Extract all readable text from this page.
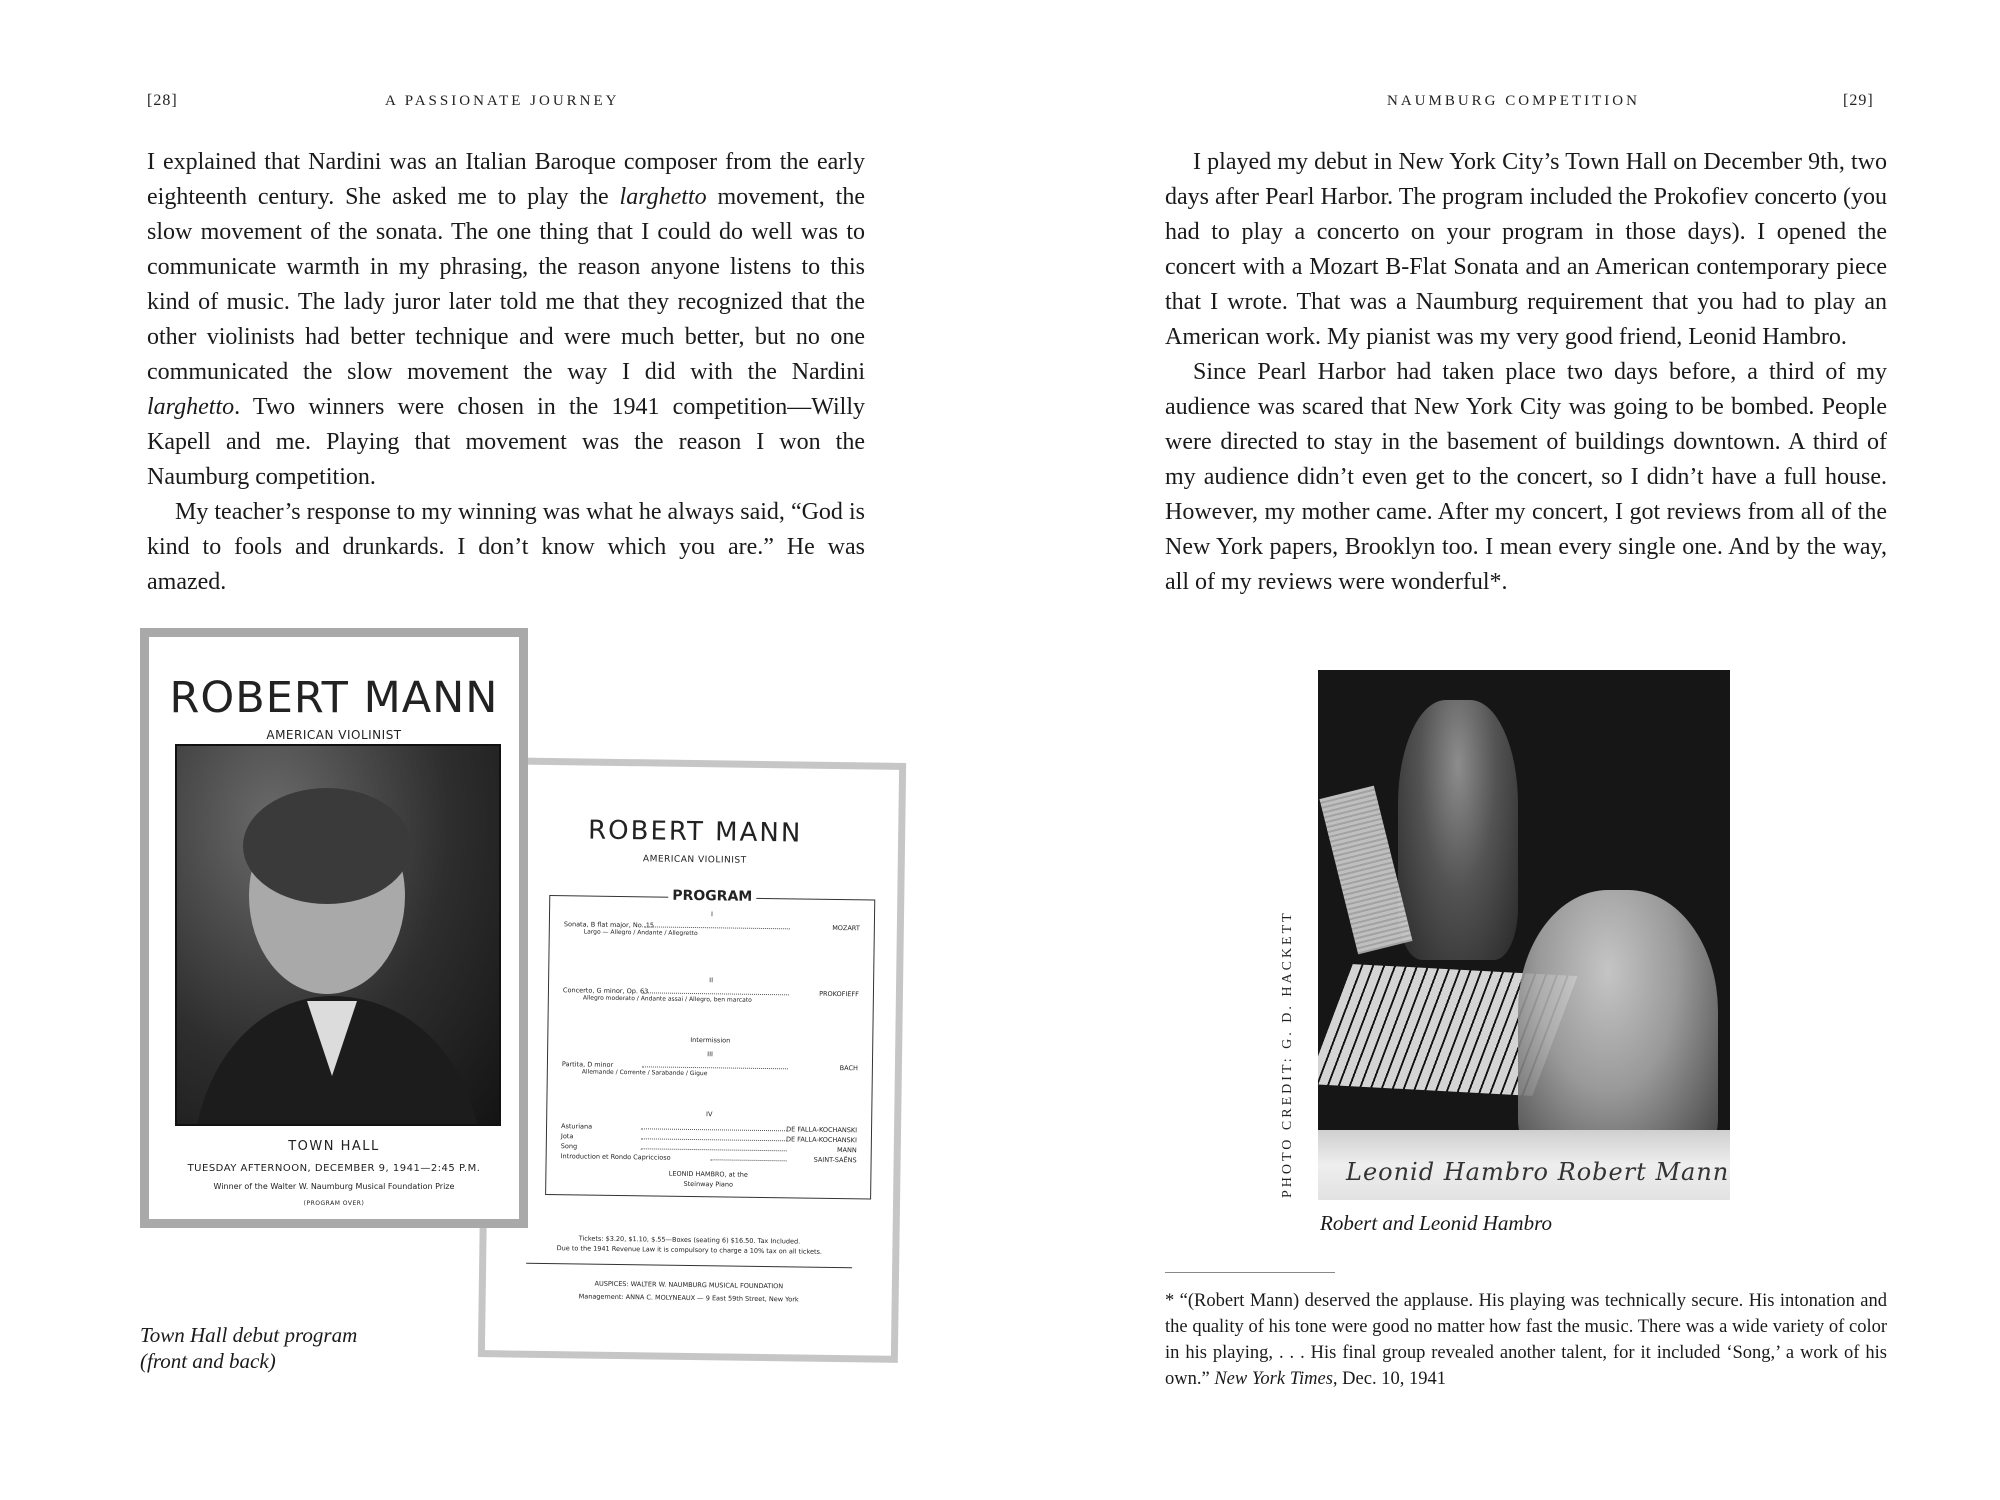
[28]	A PASSIONATE JOURNEY

I explained that Nardini was an Italian Baroque composer from the early eighteenth century. She asked me to play the larghetto movement, the slow movement of the sonata. The one thing that I could do well was to communicate warmth in my phrasing, the reason anyone listens to this kind of music. The lady juror later told me that they recognized that the other violinists had better technique and were much better, but no one communicated the slow movement the way I did with the Nardini larghetto. Two winners were chosen in the 1941 competition—Willy Kapell and me. Playing that movement was the reason I won the Naumburg competition.

My teacher’s response to my winning was what he always said, “God is kind to fools and drunkards. I don’t know which you are.” He was amazed.

ROBERT MANN
AMERICAN VIOLINIST
PROGRAM
I
Sonata, B flat major, No. 15	MOZART
Largo — Allegro / Andante / Allegretto
II
Concerto, G minor, Op. 63	PROKOFIEFF
Allegro moderato / Andante assai / Allegro, ben marcato
Intermission
III
Partita, D minor	BACH
Allemande / Corrente / Sarabande / Gigue
IV
Asturiana	DE FALLA-KOCHANSKI
Jota	DE FALLA-KOCHANSKI
Song	MANN
Introduction et Rondo Capriccioso	SAINT-SAËNS
LEONID HAMBRO, at the
Steinway Piano
Tickets: $3.20, $1.10, $.55—Boxes (seating 6) $16.50. Tax Included.
Due to the 1941 Revenue Law it is compulsory to charge a 10% tax on all tickets.
AUSPICES: WALTER W. NAUMBURG MUSICAL FOUNDATION
Management: ANNA C. MOLYNEAUX — 9 East 59th Street, New York
ROBERT MANN
AMERICAN VIOLINIST
TOWN HALL
TUESDAY AFTERNOON, DECEMBER 9, 1941—2:45 P.M.
Winner of the Walter W. Naumburg Musical Foundation Prize
(PROGRAM OVER)
Town Hall debut program
(front and back)
NAUMBURG COMPETITION	[29]

I played my debut in New York City’s Town Hall on December 9th, two days after Pearl Harbor. The program included the Prokofiev concerto (you had to play a concerto on your program in those days). I opened the concert with a Mozart B-Flat Sonata and an American contemporary piece that I wrote. That was a Naumburg requirement that you had to play an American work. My pianist was my very good friend, Leonid Hambro.

Since Pearl Harbor had taken place two days before, a third of my audience was scared that New York City was going to be bombed. People were directed to stay in the basement of buildings downtown. A third of my audience didn’t even get to the concert, so I didn’t have a full house. However, my mother came. After my concert, I got reviews from all of the New York papers, Brooklyn too. I mean every single one. And by the way, all of my reviews were wonderful*.

Leonid Hambro Robert Mann
PHOTO CREDIT: G. D. HACKETT
Robert and Leonid Hambro
* “(Robert Mann) deserved the applause. His playing was technically secure. His intonation and the quality of his tone were good no matter how fast the music. There was a wide variety of color in his playing, . . . His final group revealed another talent, for it included ‘Song,’ a work of his own.” New York Times, Dec. 10, 1941
